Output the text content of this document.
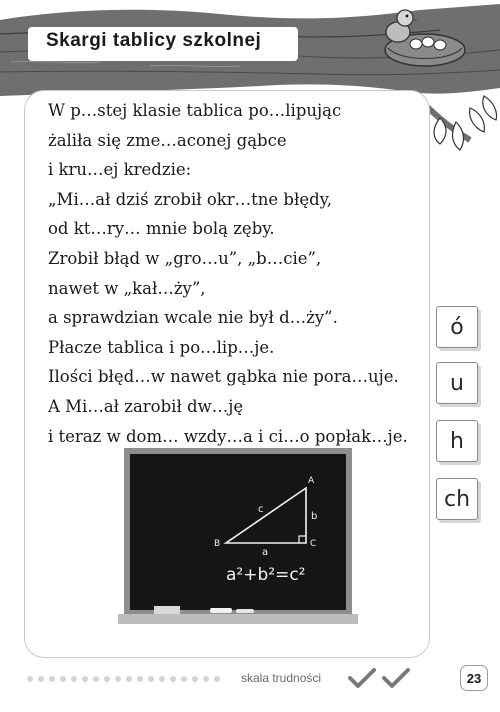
Skargi tablicy szkolnej
W p…stej klasie tablica po…lipując
żaliła się zme…aconej gąbce
i kru…ej kredzie:
„Mi…ał dziś zrobił okr…tne błędy,
od kt…ry… mnie bolą zęby.
Zrobił błąd w „gro…u”, „b…cie”,
nawet w „kał…ży”,
a sprawdzian wcale nie był d…ży”.
Płacze tablica i po…lip…je.
Ilości błęd…w nawet gąbka nie pora…uje.
A Mi…ał zarobił dw…ję
i teraz w dom… wzdy…a i ci…o popłak…je.
ó
u
h
ch
A
B	C
a
b
c
a²+b²=c²
skala trudności	23
